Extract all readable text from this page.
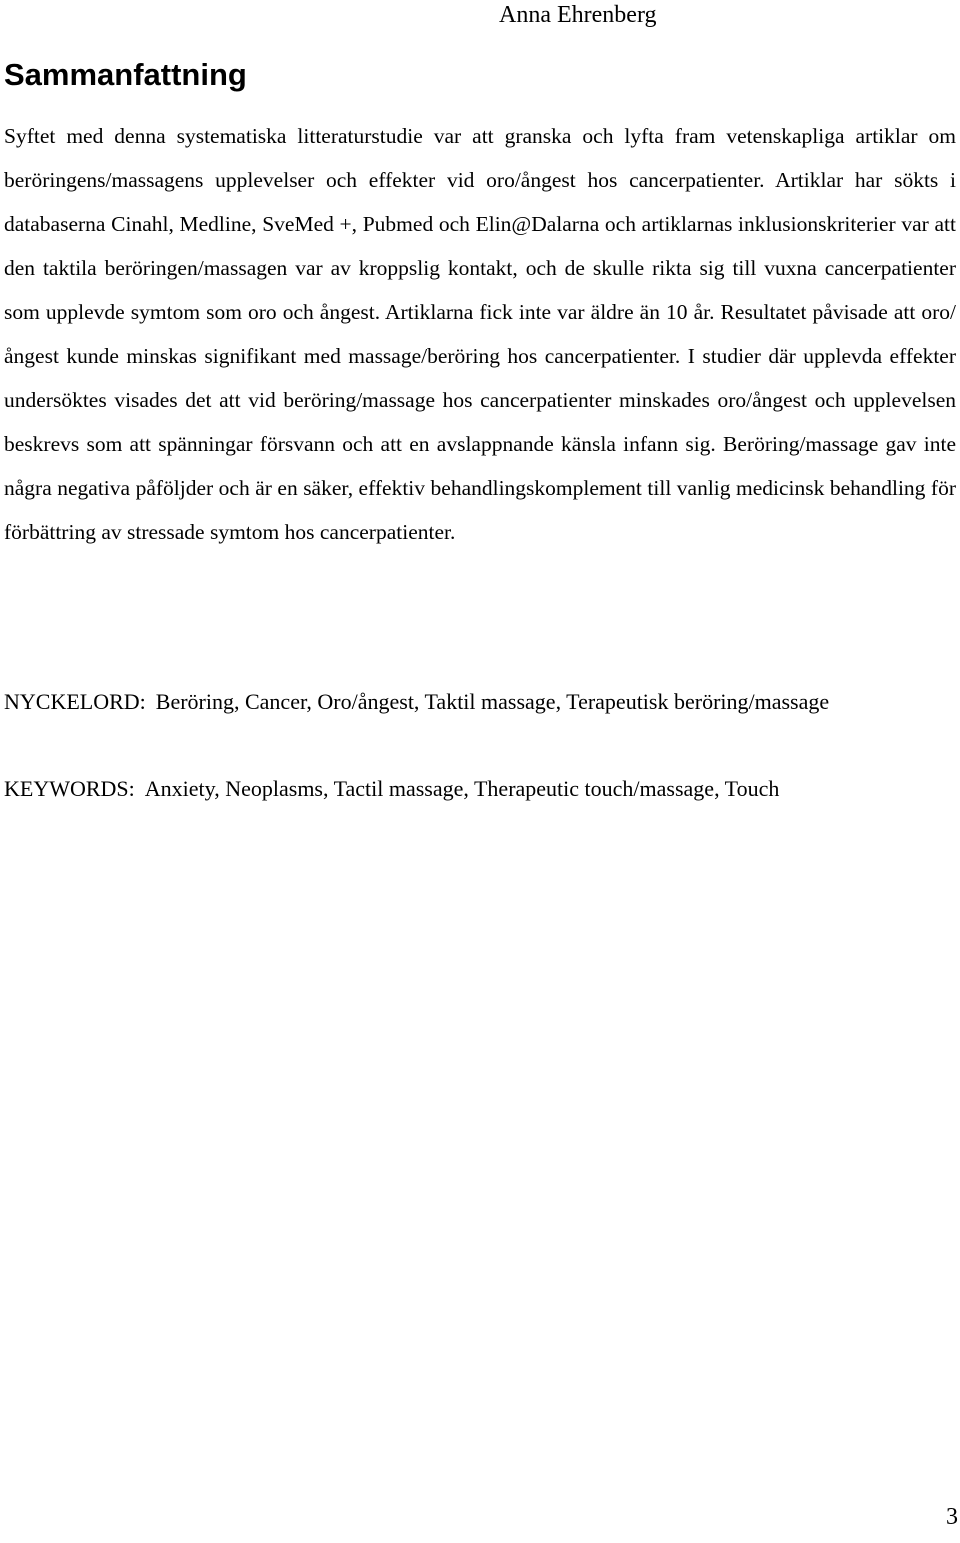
Anna Ehrenberg
Sammanfattning

Syftet med denna systematiska litteraturstudie var att granska och lyfta fram vetenskapliga artiklar om beröringens/massagens upplevelser och effekter vid oro/ångest hos cancerpatienter. Artiklar har sökts i databaserna Cinahl, Medline, SveMed +, Pubmed och Elin@Dalarna och artiklarnas inklusionskriterier var att den taktila beröringen/massagen var av kroppslig kontakt, och de skulle rikta sig till vuxna cancerpatienter som upplevde symtom som oro och ångest. Artiklarna fick inte var äldre än 10 år. Resultatet påvisade att oro/ångest kunde minskas signifikant med massage/beröring hos cancerpatienter. I studier där upplevda effekter undersöktes visades det att vid beröring/massage hos cancerpatienter minskades oro/ångest och upplevelsen beskrevs som att spänningar försvann och att en avslappnande känsla infann sig. Beröring/massage gav inte några negativa påföljder och är en säker, effektiv behandlingskomplement till vanlig medicinsk behandling för förbättring av stressade symtom hos cancerpatienter.

NYCKELORD: Beröring, Cancer, Oro/ångest, Taktil massage, Terapeutisk beröring/massage

KEYWORDS: Anxiety, Neoplasms, Tactil massage, Therapeutic touch/massage, Touch

3
